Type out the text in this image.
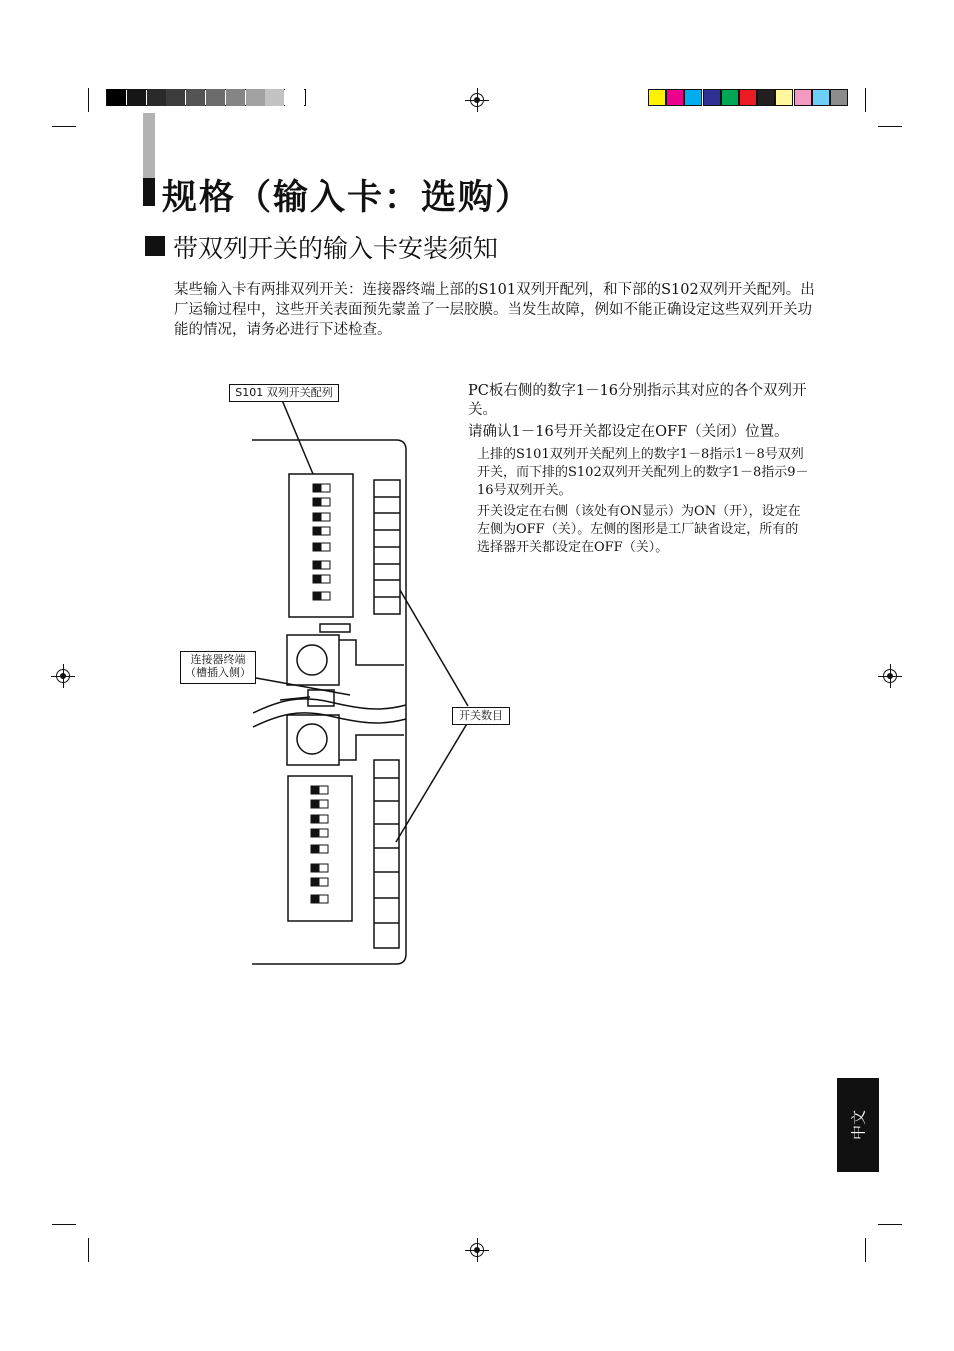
规格（输入卡：选购）
带双列开关的输入卡安装须知

某些输入卡有两排双列开关：连接器终端上部的S101双列开配列，和下部的S102双列开关配列。出厂运输过程中，这些开关表面预先蒙盖了一层胶膜。当发生故障，例如不能正确设定这些双列开关功能的情况，请务必进行下述检查。

S101 双列开关配列
连接器终端
（槽插入侧）
开关数目
PC板右侧的数字1－16分别指示其对应的各个双列开关。
请确认1－16号开关都设定在OFF（关闭）位置。
上排的S101双列开关配列上的数字1－8指示1－8号双列开关，而下排的S102双列开关配列上的数字1－8指示9－16号双列开关。
开关设定在右侧（该处有ON显示）为ON（开），设定在左侧为OFF（关）。左侧的图形是工厂缺省设定，所有的选择器开关都设定在OFF（关）。
中文
